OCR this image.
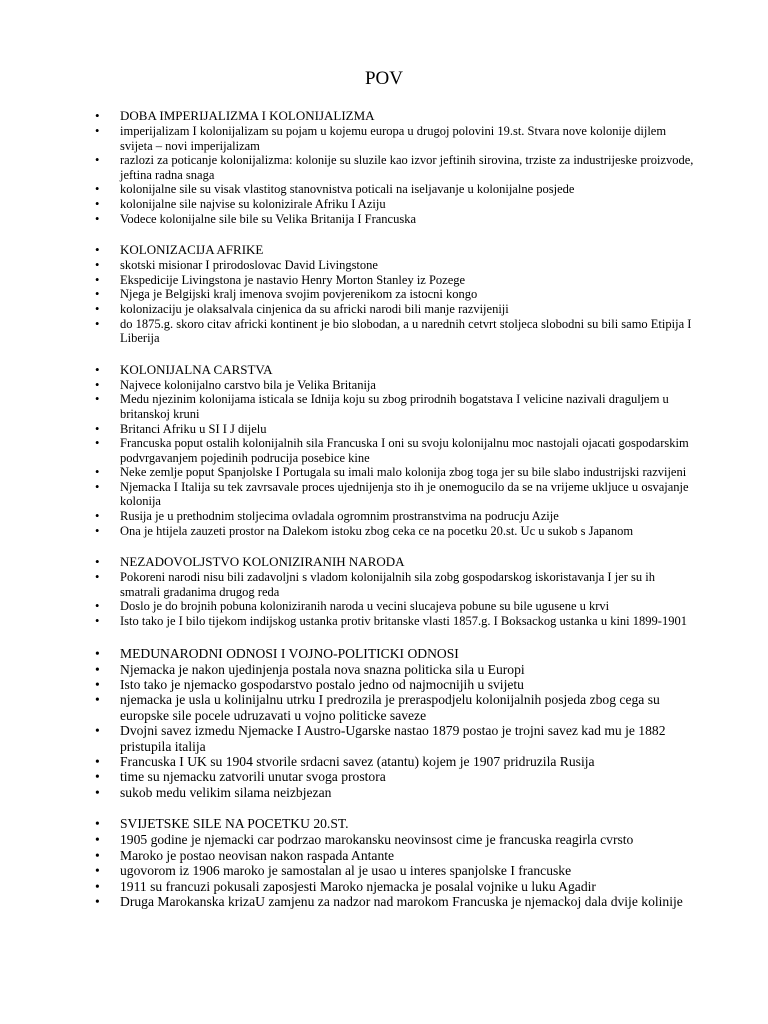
POV
• DOBA IMPERIJALIZMA I KOLONIJALIZMA
• imperijalizam I kolonijalizam su pojam u kojemu europa u drugoj polovini 19.st. Stvara nove kolonije dijlem svijeta – novi imperijalizam
• razlozi za poticanje kolonijalizma: kolonije su sluzile kao izvor jeftinih sirovina, trziste za industrijeske proizvode, jeftina radna snaga
• kolonijalne sile su visak vlastitog stanovnistva poticali na iseljavanje u kolonijalne posjede
• kolonijalne sile najvise su kolonizirale Afriku I Aziju
• Vodece kolonijalne sile bile su Velika Britanija I Francuska
• KOLONIZACIJA AFRIKE
• skotski misionar I prirodoslovac David Livingstone
• Ekspedicije Livingstona je nastavio Henry Morton Stanley iz Pozege
• Njega je Belgijski kralj imenova svojim povjerenikom za istocni kongo
• kolonizaciju je olaksalvala cinjenica da su africki narodi bili manje razvijeniji
• do 1875.g. skoro citav africki kontinent je bio slobodan, a u narednih cetvrt stoljeca slobodni su bili samo Etipija I Liberija
• KOLONIJALNA CARSTVA
• Najvece kolonijalno carstvo bila je Velika Britanija
• Medu njezinim kolonijama isticala se Idnija koju su zbog prirodnih bogatstava I velicine nazivali draguljem u britanskoj kruni
• Britanci Afriku u SI I J dijelu
• Francuska poput ostalih kolonijalnih sila Francuska I oni su svoju kolonijalnu moc nastojali ojacati gospodarskim podvrgavanjem pojedinih podrucija posebice kine
• Neke zemlje poput Spanjolske I Portugala su imali malo kolonija zbog toga jer su bile slabo industrijski razvijeni
• Njemacka I Italija su tek zavrsavale proces ujednijenja sto ih je onemogucilo da se na vrijeme ukljuce u osvajanje kolonija
• Rusija je u prethodnim stoljecima ovladala ogromnim prostranstvima na podrucju Azije
• Ona je htijela zauzeti prostor na Dalekom istoku zbog ceka ce na pocetku 20.st. Uc u sukob s Japanom
• NEZADOVOLJSTVO KOLONIZIRANIH NARODA
• Pokoreni narodi nisu bili zadavoljni s vladom kolonijalnih sila zobg gospodarskog iskoristavanja I jer su ih smatrali gradanima drugog reda
• Doslo je do brojnih pobuna koloniziranih naroda u vecini slucajeva pobune su bile ugusene u krvi
• Isto tako je I bilo tijekom indijskog ustanka protiv britanske vlasti 1857.g. I Boksackog ustanka u kini 1899-1901
• MEDUNARODNI ODNOSI I VOJNO-POLITICKI ODNOSI
• Njemacka je nakon ujedinjenja postala nova snazna politicka sila u Europi
• Isto tako je njemacko gospodarstvo postalo jedno od najmocnijih u svijetu
• njemacka je usla u kolinijalnu utrku I predrozila je preraspodjelu kolonijalnih posjeda zbog cega su europske sile pocele udruzavati u vojno politicke saveze
• Dvojni savez izmedu Njemacke I Austro-Ugarske nastao 1879 postao je trojni savez kad mu je 1882 pristupila italija
• Francuska I UK su 1904 stvorile srdacni savez (atantu) kojem je 1907 pridruzila Rusija
• time su njemacku zatvorili unutar svoga prostora
• sukob medu velikim silama neizbjezan
• SVIJETSKE SILE NA POCETKU 20.ST.
• 1905 godine je njemacki car podrzao marokansku neovinsost cime je francuska reagirla cvrsto
• Maroko je postao neovisan nakon raspada Antante
• ugovorom iz 1906 maroko je samostalan al je usao u interes spanjolske I francuske
• 1911 su francuzi pokusali zaposjesti Maroko njemacka je posalal vojnike u luku Agadir
• Druga Marokanska krizaU zamjenu za nadzor nad marokom Francuska je njemackoj dala dvije kolinije
